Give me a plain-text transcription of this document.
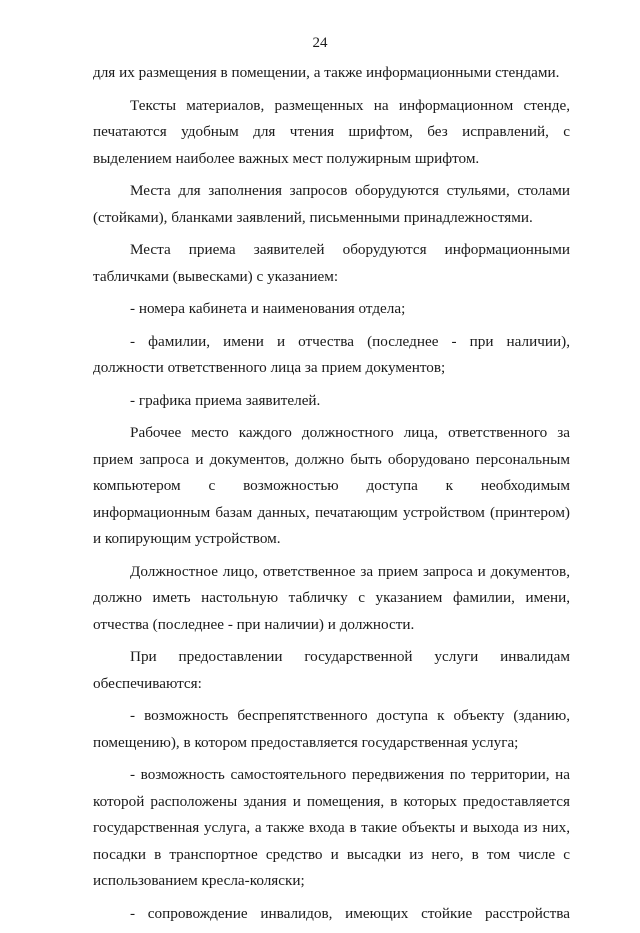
24

для их размещения в помещении, а также информационными стендами.

Тексты материалов, размещенных на информационном стенде, печатаются удобным для чтения шрифтом, без исправлений, с выделением наиболее важных мест полужирным шрифтом.

Места для заполнения запросов оборудуются стульями, столами (стойками), бланками заявлений, письменными принадлежностями.

Места приема заявителей оборудуются информационными табличками (вывесками) с указанием:

- номера кабинета и наименования отдела;

- фамилии, имени и отчества (последнее - при наличии), должности ответственного лица за прием документов;

- графика приема заявителей.

Рабочее место каждого должностного лица, ответственного за прием запроса и документов, должно быть оборудовано персональным компьютером с возможностью доступа к необходимым информационным базам данных, печатающим устройством (принтером) и копирующим устройством.

Должностное лицо, ответственное за прием запроса и документов, должно иметь настольную табличку с указанием фамилии, имени, отчества (последнее - при наличии) и должности.

При предоставлении государственной услуги инвалидам обеспечиваются:

- возможность беспрепятственного доступа к объекту (зданию, помещению), в котором предоставляется государственная услуга;

- возможность самостоятельного передвижения по территории, на которой расположены здания и помещения, в которых предоставляется государственная услуга, а также входа в такие объекты и выхода из них, посадки в транспортное средство и высадки из него, в том числе с использованием кресла-коляски;

- сопровождение инвалидов, имеющих стойкие расстройства
